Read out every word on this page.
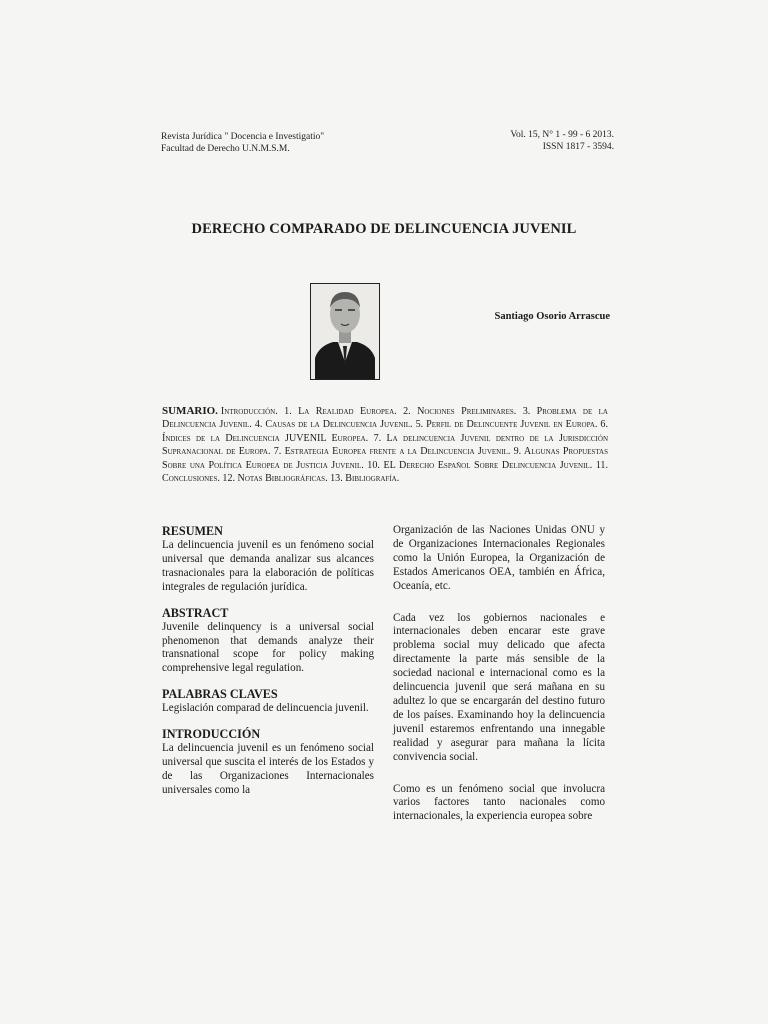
Revista Jurídica " Docencia e Investigatio"
Facultad de Derecho U.N.M.S.M.
Vol. 15, N° 1 - 99 - 6 2013.
ISSN 1817 - 3594.
DERECHO COMPARADO DE DELINCUENCIA JUVENIL
Santiago Osorio Arrascue
SUMARIO. Introducción. 1. La Realidad Europea. 2. Nociones Preliminares. 3. Problema de la Delincuencia Juvenil. 4. Causas de la Delincuencia Juvenil. 5. Perfil de Delincuente Juvenil en Europa. 6. Índices de la Delincuencia JUVENIL Europea. 7. La delincuencia Juvenil dentro de la Jurisdicción Supranacional de Europa. 7. Estrategia Europea frente a la Delincuencia Juvenil. 9. Algunas Propuestas Sobre una Política Europea de Justicia Juvenil. 10. EL Derecho Español Sobre Delincuencia Juvenil. 11. Conclusiones. 12. Notas Bibliográficas. 13. Bibliografía.
RESUMEN
La delincuencia juvenil es un fenómeno social universal que demanda analizar sus alcances trasnacionales para la elaboración de políticas integrales de regulación jurídica.
ABSTRACT
Juvenile delinquency is a universal social phenomenon that demands analyze their transnational scope for policy making comprehensive legal regulation.
PALABRAS CLAVES
Legislación comparad de delincuencia juvenil.
INTRODUCCIÓN
La delincuencia juvenil es un fenómeno social universal que suscita el interés de los Estados y de las Organizaciones Internacionales universales como la
Organización de las Naciones Unidas ONU y de Organizaciones Internacionales Regionales como la Unión Europea, la Organización de Estados Americanos OEA, también en África, Oceanía, etc.
Cada vez los gobiernos nacionales e internacionales deben encarar este grave problema social muy delicado que afecta directamente la parte más sensible de la sociedad nacional e internacional como es la delincuencia juvenil que será mañana en su adultez lo que se encargarán del destino futuro de los países. Examinando hoy la delincuencia juvenil estaremos enfrentando una innegable realidad y asegurar para mañana la lícita convivencia social.
Como es un fenómeno social que involucra varios factores tanto nacionales como internacionales, la experiencia europea sobre
